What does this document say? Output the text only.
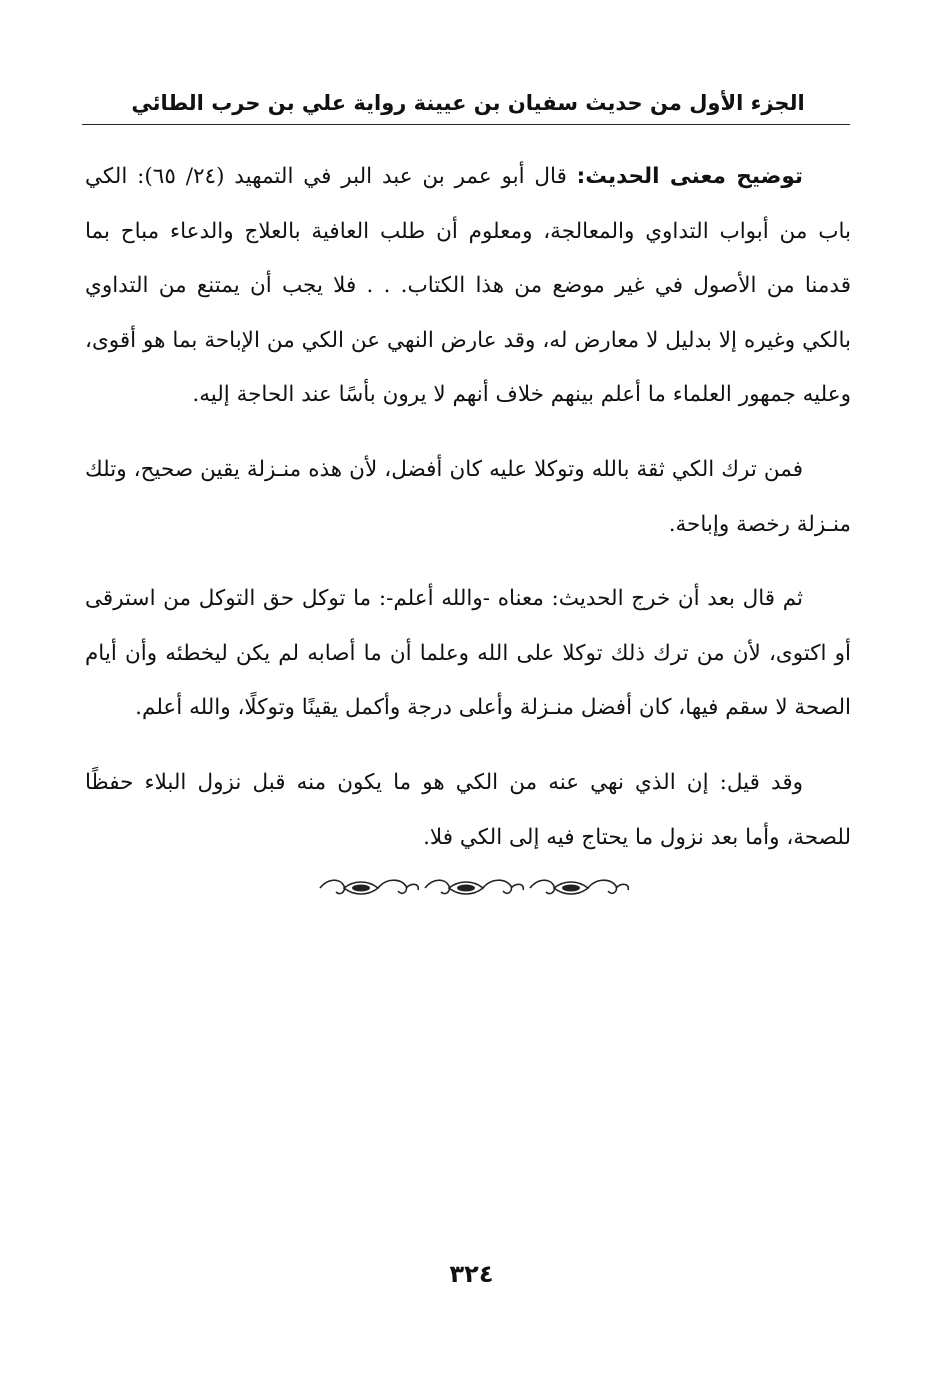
الجزء الأول من حديث سفيان بن عيينة رواية علي بن حرب الطائي

توضيح معنى الحديث: قال أبو عمر بن عبد البر في التمهيد (٢٤/ ٦٥): الكي باب من أبواب التداوي والمعالجة، ومعلوم أن طلب العافية بالعلاج والدعاء مباح بما قدمنا من الأصول في غير موضع من هذا الكتاب. . . فلا يجب أن يمتنع من التداوي بالكي وغيره إلا بدليل لا معارض له، وقد عارض النهي عن الكي من الإباحة بما هو أقوى، وعليه جمهور العلماء ما أعلم بينهم خلاف أنهم لا يرون بأسًا عند الحاجة إليه.

فمن ترك الكي ثقة بالله وتوكلا عليه كان أفضل، لأن هذه منـزلة يقين صحيح، وتلك منـزلة رخصة وإباحة.

ثم قال بعد أن خرج الحديث: معناه -والله أعلم-: ما توكل حق التوكل من استرقى أو اكتوى، لأن من ترك ذلك توكلا على الله وعلما أن ما أصابه لم يكن ليخطئه وأن أيام الصحة لا سقم فيها، كان أفضل منـزلة وأعلى درجة وأكمل يقينًا وتوكلًا، والله أعلم.

وقد قيل: إن الذي نهي عنه من الكي هو ما يكون منه قبل نزول البلاء حفظًا للصحة، وأما بعد نزول ما يحتاج فيه إلى الكي فلا.

٣٢٤
